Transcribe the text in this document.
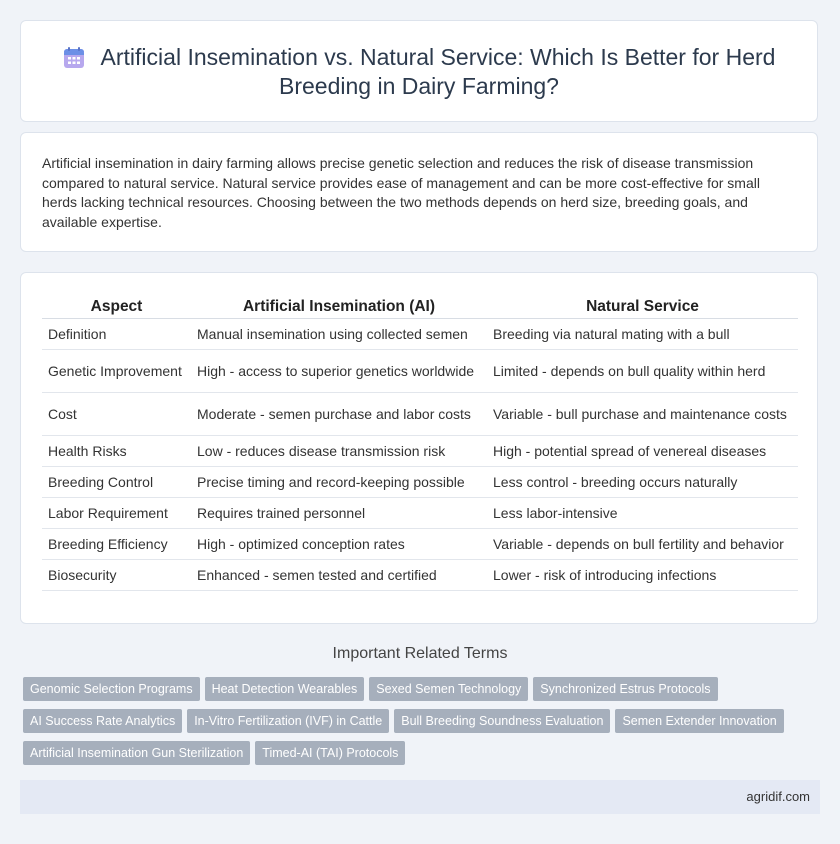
Artificial Insemination vs. Natural Service: Which Is Better for Herd Breeding in Dairy Farming?
Artificial insemination in dairy farming allows precise genetic selection and reduces the risk of disease transmission compared to natural service. Natural service provides ease of management and can be more cost-effective for small herds lacking technical resources. Choosing between the two methods depends on herd size, breeding goals, and available expertise.
Aspect	Artificial Insemination (AI)	Natural Service
Definition	Manual insemination using collected semen	Breeding via natural mating with a bull
Genetic Improvement	High - access to superior genetics worldwide	Limited - depends on bull quality within herd
Cost	Moderate - semen purchase and labor costs	Variable - bull purchase and maintenance costs
Health Risks	Low - reduces disease transmission risk	High - potential spread of venereal diseases
Breeding Control	Precise timing and record-keeping possible	Less control - breeding occurs naturally
Labor Requirement	Requires trained personnel	Less labor-intensive
Breeding Efficiency	High - optimized conception rates	Variable - depends on bull fertility and behavior
Biosecurity	Enhanced - semen tested and certified	Lower - risk of introducing infections
Important Related Terms
Genomic Selection Programs Heat Detection Wearables Sexed Semen Technology Synchronized Estrus Protocols
AI Success Rate Analytics In-Vitro Fertilization (IVF) in Cattle Bull Breeding Soundness Evaluation Semen Extender Innovation
Artificial Insemination Gun Sterilization Timed-AI (TAI) Protocols
agridif.com
